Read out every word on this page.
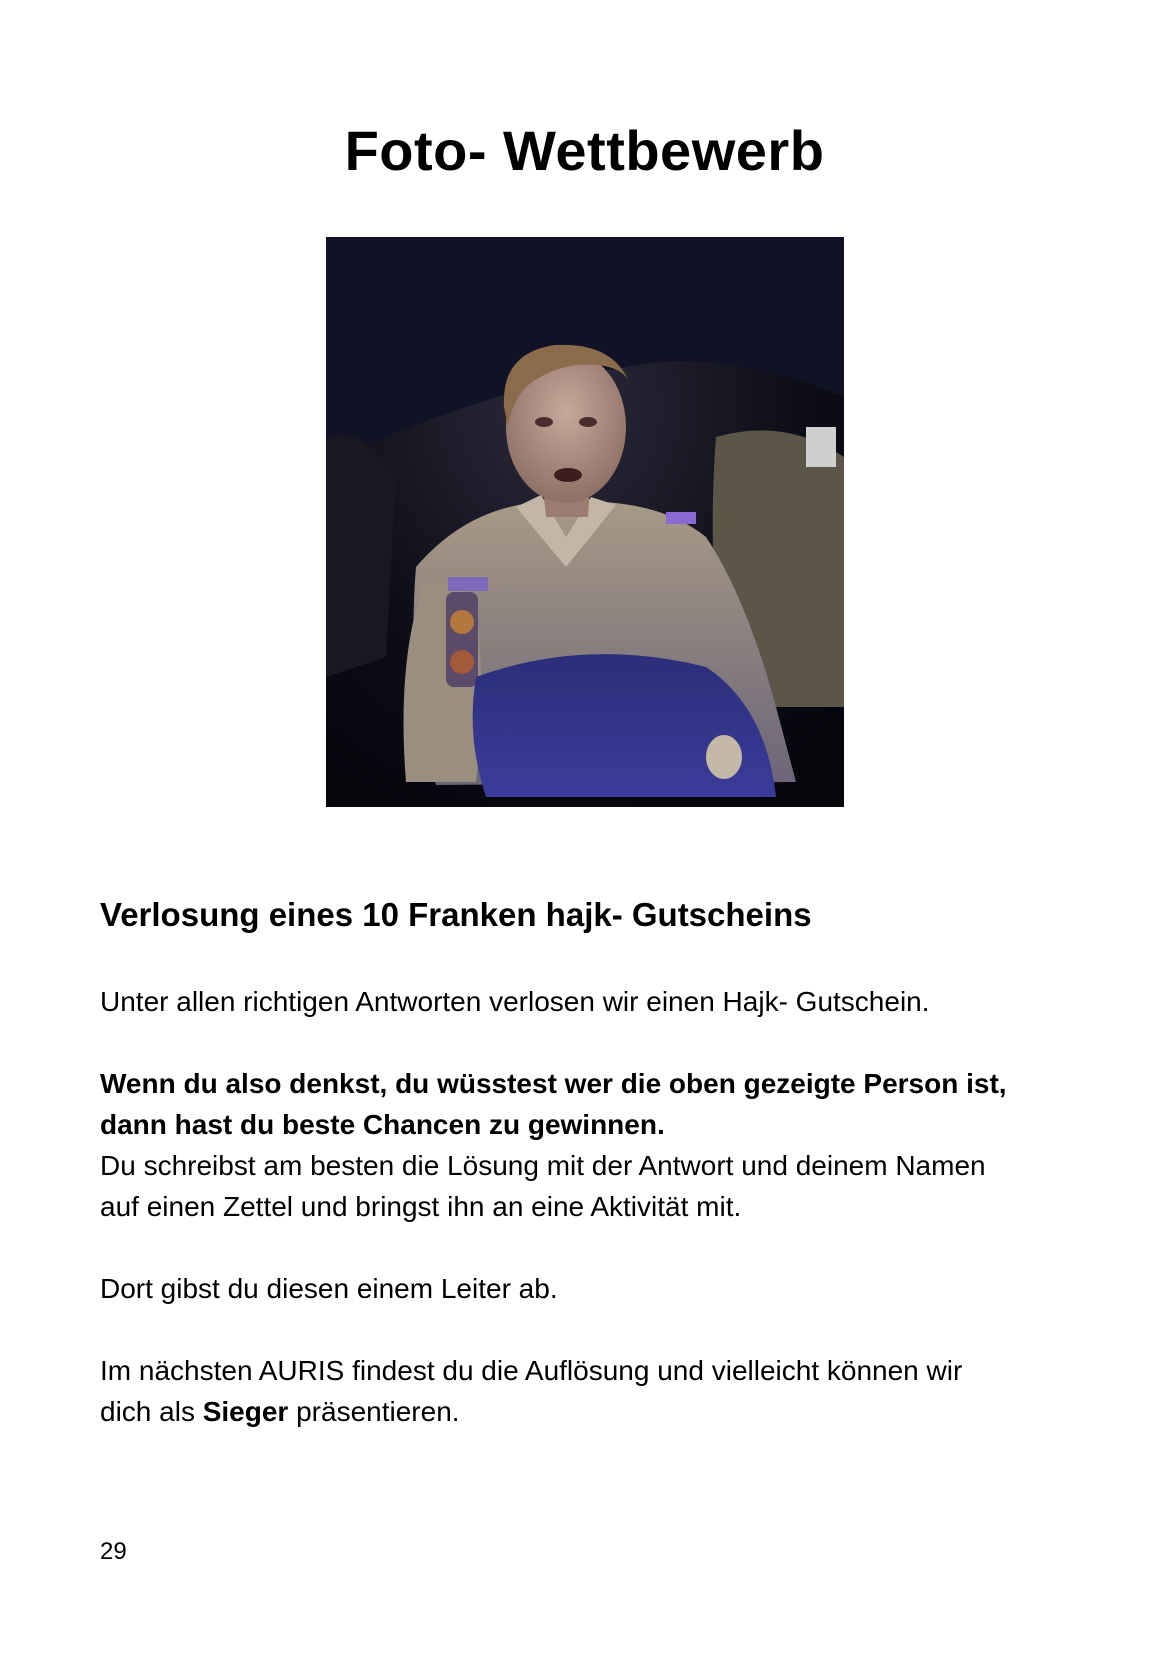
Foto- Wettbewerb
Verlosung eines 10 Franken hajk- Gutscheins

Unter allen richtigen Antworten verlosen wir einen Hajk- Gutschein.

Wenn du also denkst, du wüsstest wer die oben gezeigte Person ist,
dann hast du beste Chancen zu gewinnen.

Du schreibst am besten die Lösung mit der Antwort und deinem Namen
auf einen Zettel und bringst ihn an eine Aktivität mit.

Dort gibst du diesen einem Leiter ab.

Im nächsten AURIS findest du die Auflösung und vielleicht können wir
dich als Sieger präsentieren.

29
